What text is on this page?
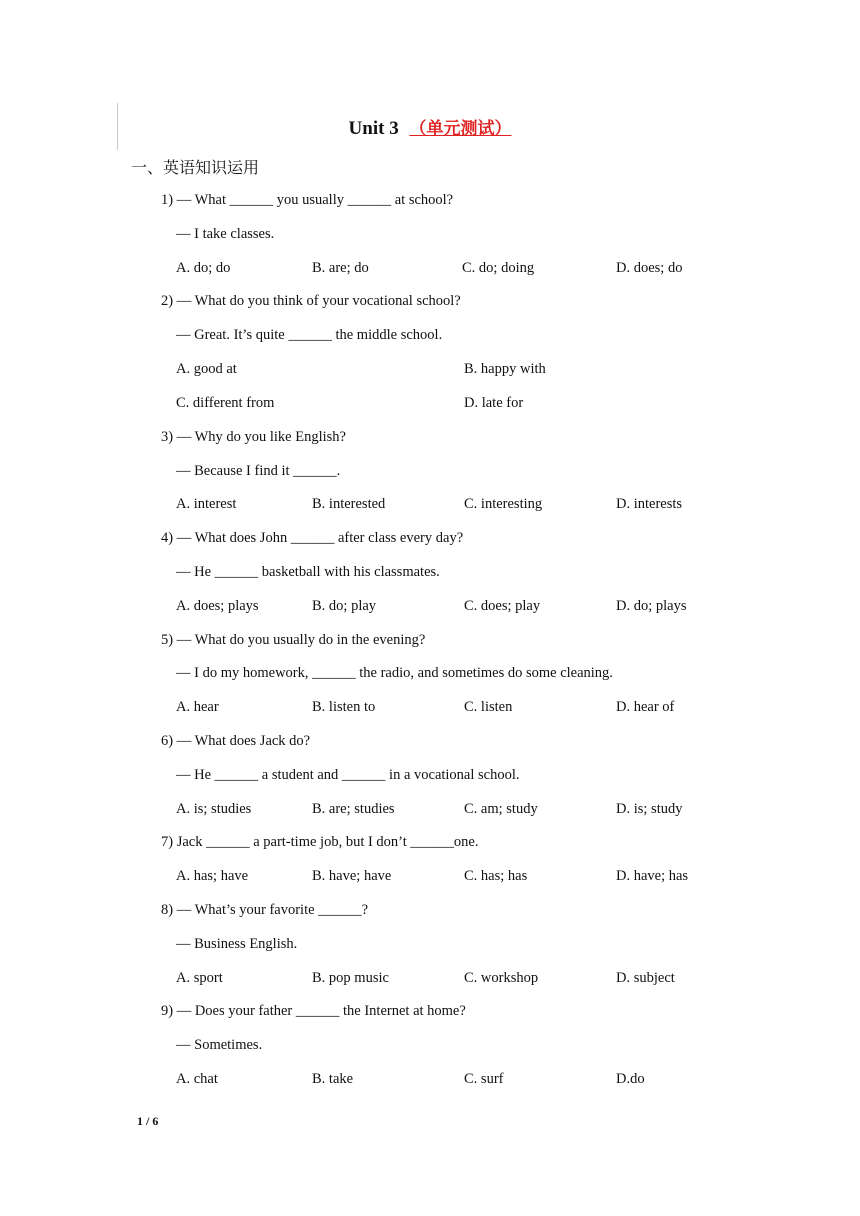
Unit 3 （单元测试）
一、英语知识运用
1) — What ______ you usually ______ at school?
— I take classes.
A. do; do	B. are; do	C. do; doing	D. does; do
2) — What do you think of your vocational school?
— Great. It’s quite ______ the middle school.
A. good at	B. happy with
C. different from	D. late for
3) — Why do you like English?
— Because I find it ______.
A. interest	B. interested	C. interesting	D. interests
4) — What does John ______ after class every day?
— He ______ basketball with his classmates.
A. does; plays	B. do; play	C. does; play	D. do; plays
5) — What do you usually do in the evening?
— I do my homework, ______ the radio, and sometimes do some cleaning.
A. hear	B. listen to	C. listen	D. hear of
6) — What does Jack do?
— He ______ a student and ______ in a vocational school.
A. is; studies	B. are; studies	C. am; study	D. is; study
7) Jack ______ a part-time job, but I don’t ______one.
A. has; have	B. have; have	C. has; has	D. have; has
8) — What’s your favorite ______?
— Business English.
A. sport	B. pop music	C. workshop	D. subject
9) — Does your father ______ the Internet at home?
— Sometimes.
A. chat	B. take	C. surf	D.do
1 / 6
